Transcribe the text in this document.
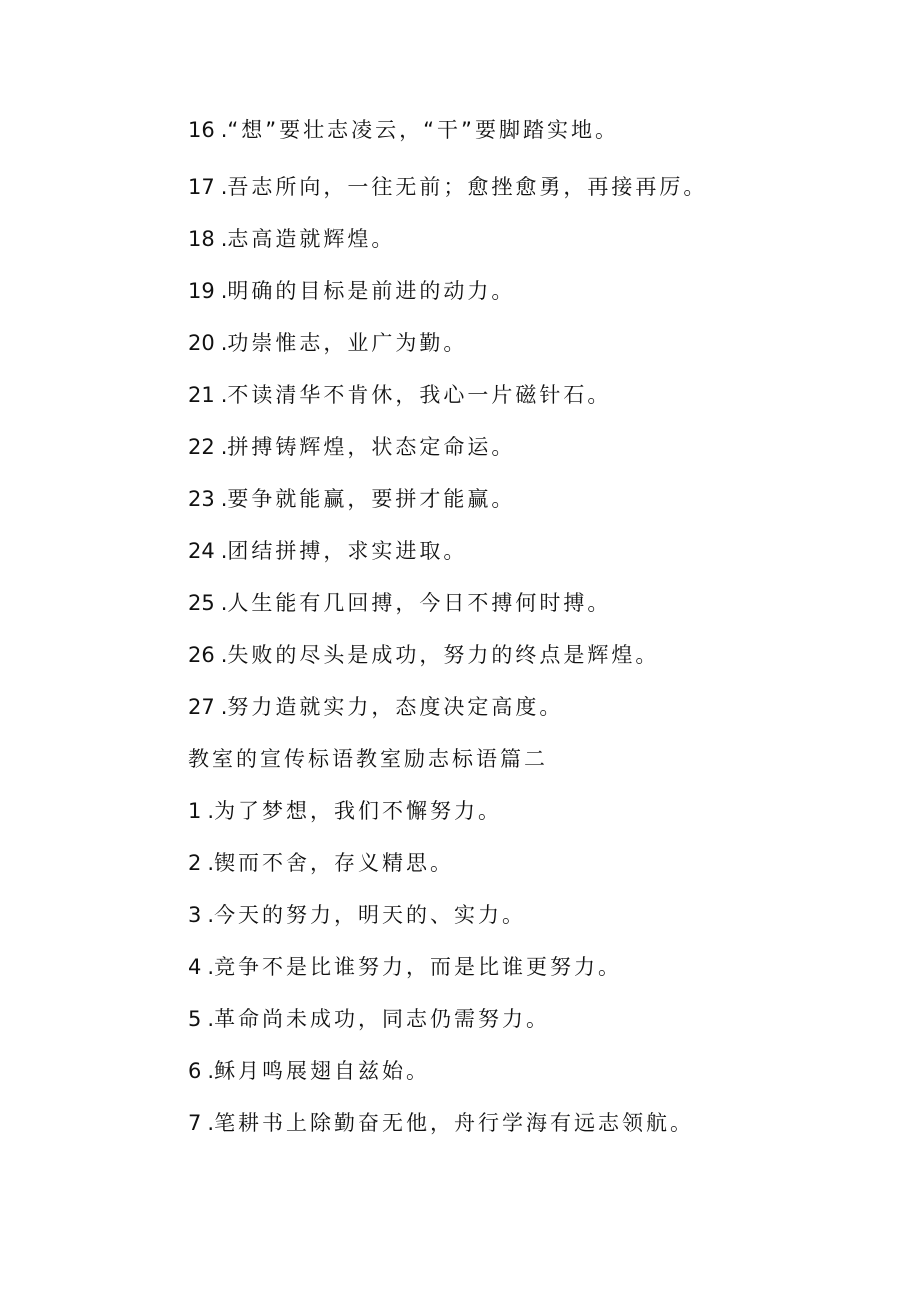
16 .“想”要壮志凌云，“干”要脚踏实地。
17 .吾志所向，一往无前；愈挫愈勇，再接再厉。
18 .志高造就辉煌。
19 .明确的目标是前进的动力。
20 .功崇惟志，业广为勤。
21 .不读清华不肯休，我心一片磁针石。
22 .拼搏铸辉煌，状态定命运。
23 .要争就能赢，要拼才能赢。
24 .团结拼搏，求实进取。
25 .人生能有几回搏，今日不搏何时搏。
26 .失败的尽头是成功，努力的终点是辉煌。
27 .努力造就实力，态度决定高度。
教室的宣传标语教室励志标语篇二
1 .为了梦想，我们不懈努力。
2 .锲而不舍，存义精思。
3 .今天的努力，明天的、实力。
4 .竞争不是比谁努力，而是比谁更努力。
5 .革命尚未成功，同志仍需努力。
6 .稣月鸣展翅自兹始。
7 .笔耕书上除勤奋无他，舟行学海有远志领航。
